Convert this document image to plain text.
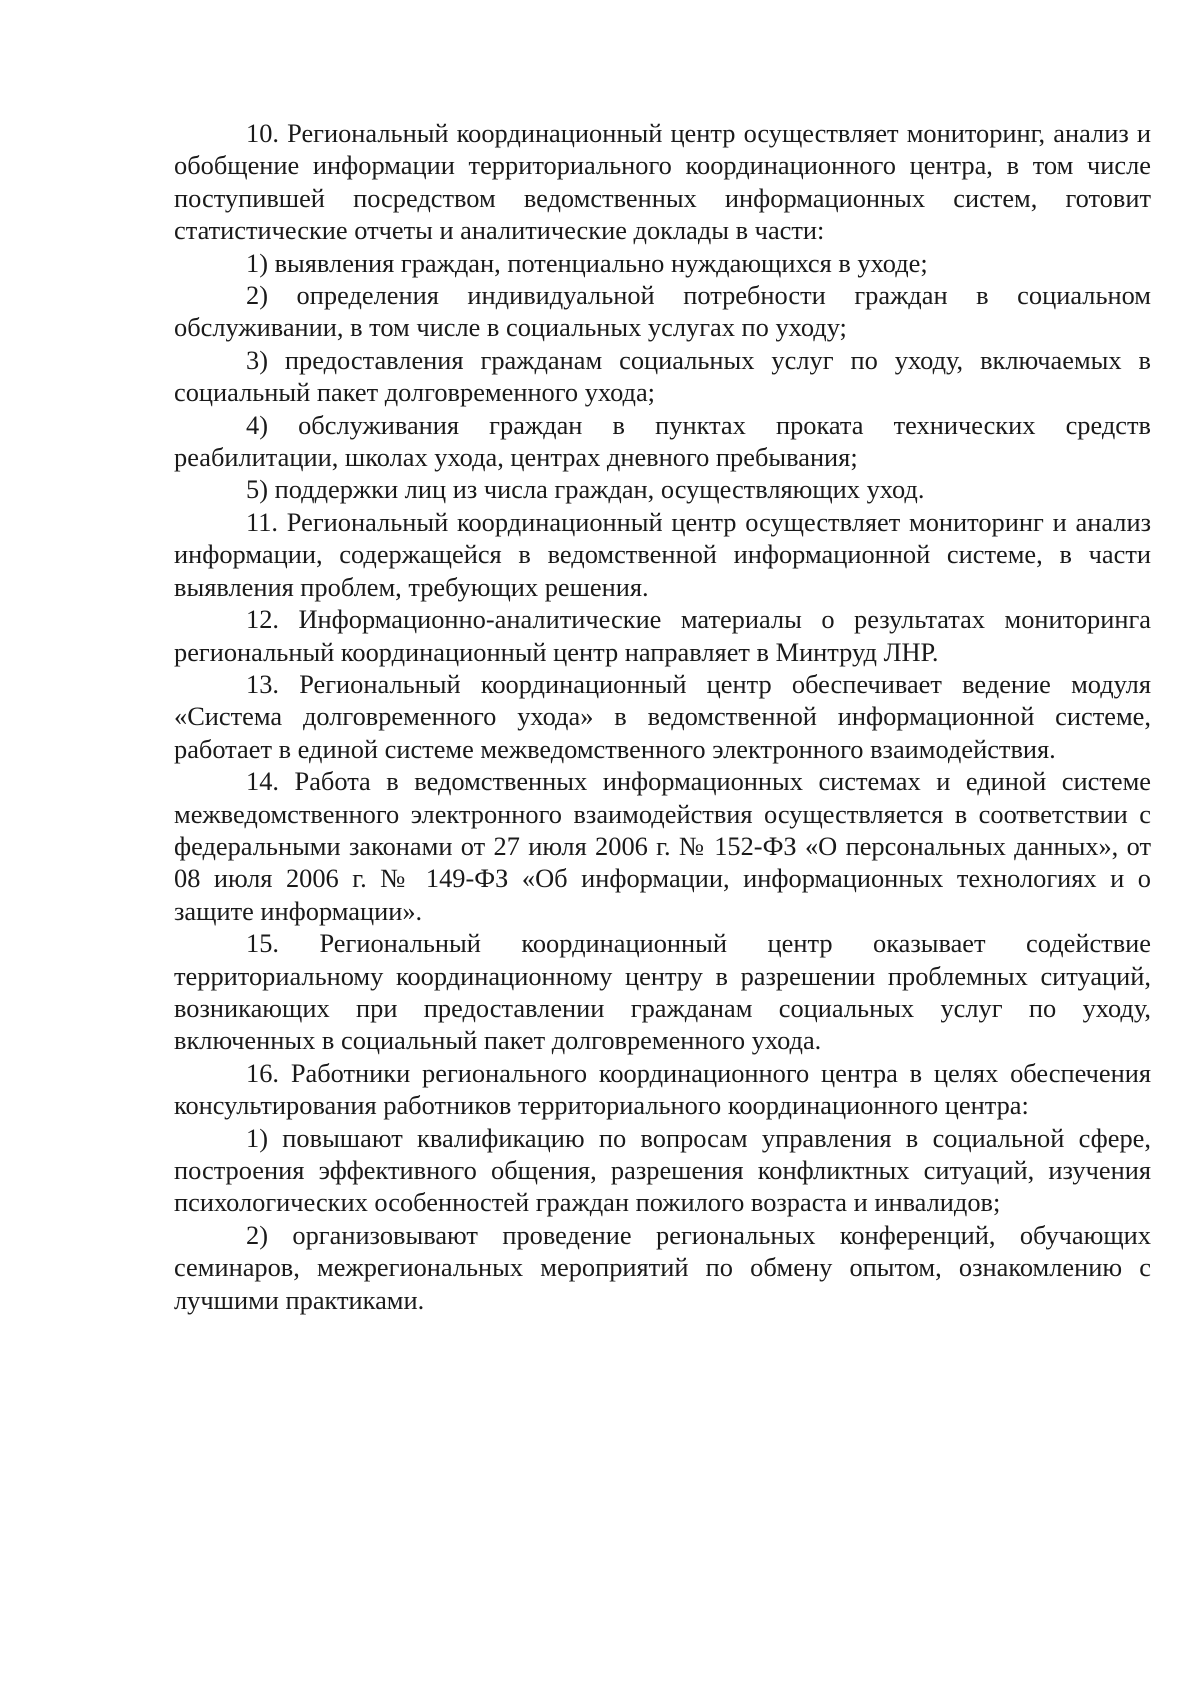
10. Региональный координационный центр осуществляет мониторинг, анализ и обобщение информации территориального координационного центра, в том числе поступившей посредством ведомственных информационных систем, готовит статистические отчеты и аналитические доклады в части:

1) выявления граждан, потенциально нуждающихся в уходе;

2) определения индивидуальной потребности граждан в социальном обслуживании, в том числе в социальных услугах по уходу;

3) предоставления гражданам социальных услуг по уходу, включаемых в социальный пакет долговременного ухода;

4) обслуживания граждан в пунктах проката технических средств реабилитации, школах ухода, центрах дневного пребывания;

5) поддержки лиц из числа граждан, осуществляющих уход.

11. Региональный координационный центр осуществляет мониторинг и анализ информации, содержащейся в ведомственной информационной системе, в части выявления проблем, требующих решения.

12. Информационно-аналитические материалы о результатах мониторинга региональный координационный центр направляет в Минтруд ЛНР.

13. Региональный координационный центр обеспечивает ведение модуля «Система долговременного ухода» в ведомственной информационной системе, работает в единой системе межведомственного электронного взаимодействия.

14. Работа в ведомственных информационных системах и единой системе межведомственного электронного взаимодействия осуществляется в соответствии с федеральными законами от 27 июля 2006 г. № 152-ФЗ «О персональных данных», от 08 июля 2006 г. № 149-ФЗ «Об информации, информационных технологиях и о защите информации».

15. Региональный координационный центр оказывает содействие территориальному координационному центру в разрешении проблемных ситуаций, возникающих при предоставлении гражданам социальных услуг по уходу, включенных в социальный пакет долговременного ухода.

16. Работники регионального координационного центра в целях обеспечения консультирования работников территориального координационного центра:

1) повышают квалификацию по вопросам управления в социальной сфере, построения эффективного общения, разрешения конфликтных ситуаций, изучения психологических особенностей граждан пожилого возраста и инвалидов;

2) организовывают проведение региональных конференций, обучающих семинаров, межрегиональных мероприятий по обмену опытом, ознакомлению с лучшими практиками.
